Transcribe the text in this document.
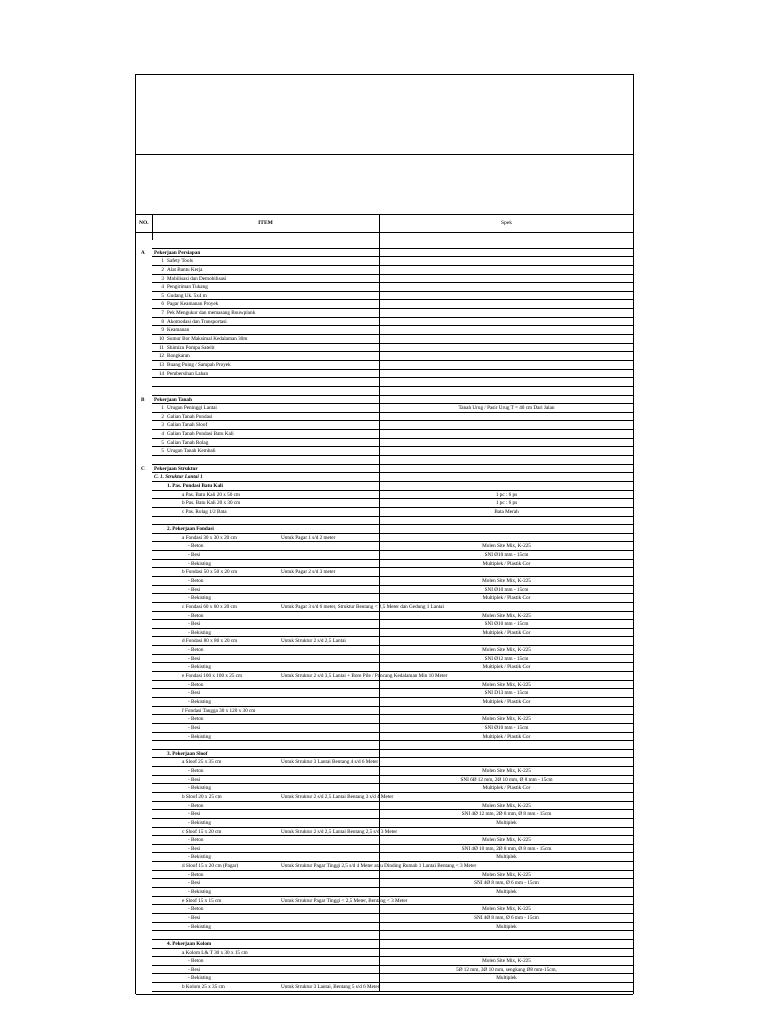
NO.	ITEM	Spek
A Pekerjaan Persiapan
1 Safety Tools
2 Alat Bantu Kerja
3 Mobilisasi dan Demobilisasi
4 Pengiriman Tukang
5 Gudang Uk. 5x4 m
6 Pagar Keamanan Proyek
7 Pek Mengukur dan memasang Bouwplank
8 Akomodasi dan Transportasi
9 Keamanan
10 Sumur Bor Maksimal Kedalaman 30m
11 Shimizu Pompa Satelit
12 Bongkaran
13 Buang Puing / Sampah Proyek
14 Pembersihan Lahan
B Pekerjaan Tanah
1 Urugan Peninggi Lantai	Tanah Urug / Pasir Urug T = 40 cm Dari Jalan
2 Galian Tanah Pondasi
3 Galian Tanah Sloof
4 Galian Tanah Pondasi Batu Kali
5 Galian Tanah Rolag
5 Urugan Tanah Kembali
C Pekerjaan Struktur
C. 1. Struktur Lantai 1
1. Pas. Pondasi Batu Kali
a Pas. Batu Kali 20 x 50 cm	1 pc : 6 ps
b Pas. Batu Kali 20 x 30 cm	1 pc : 6 ps
c Pas. Rolag 1/2 Bata	Bata Merah
2. Pekerjaan Fondasi
a Fondasi 30 x 30 x 20 cm	Untuk Pagar 1 s/d 2 meter
- Beton	Molen Site Mix, K-225
- Besi	SNI Ø10 mm - 15cm
- Bekisting	Multiplek / Plastik Cor
b Fondasi 50 x 50 x 20 cm	Untuk Pagar 2 s/d 3 meter
- Beton	Molen Site Mix, K-225
- Besi	SNI Ø10 mm - 15cm
- Bekisting	Multiplek / Plastik Cor
c Fondasi 60 x 60 x 20 cm	Untuk Pagar 3 s/d 6 meter, Struktur Bentang < 2,5 Meter dan Gedung 1 Lantai
- Beton	Molen Site Mix, K-225
- Besi	SNI Ø10 mm - 15cm
- Bekisting	Multiplek / Plastik Cor
d Fondasi 80 x 80 x 20 cm	Untuk Struktur 2 s/d 2,5 Lantai
- Beton	Molen Site Mix, K-225
- Besi	SNI Ø12 mm - 15cm
- Bekisting	Multiplek / Plastik Cor
e Fondasi 100 x 100 x 25 cm	Untuk Struktur 2 s/d 3,5 Lantai + Bore Pile / Pancang Kedalaman Min 10 Meter
- Beton	Molen Site Mix, K-225
- Besi	SNI D13 mm - 15cm
- Bekisting	Multiplek / Plastik Cor
f Fondasi Tangga 30 x 120 x 30 cm
- Beton	Molen Site Mix, K-225
- Besi	SNI Ø10 mm - 15cm
- Bekisting	Multiplek / Plastik Cor
3. Pekerjaan Sloof
a Sloof 25 x 35 cm	Untuk Struktur 3 Lantai Bentang 4 s/d 6 Meter
- Beton	Molen Site Mix, K-225
- Besi	SNI 6Ø 12 mm, 2Ø 10 mm, Ø 8 mm - 15cm
- Bekisting	Multiplek / Plastik Cor
b Sloof 20 x 25 cm	Untuk Struktur 2 s/d 2,5 Lantai Bentang 3 s/d 4 Meter
- Beton	Molen Site Mix, K-225
- Besi	SNI 4Ø 12 mm, 2Ø 8 mm, Ø 8 mm - 15cm
- Bekisting	Multiplek
c Sloof 15 x 20 cm	Untuk Struktur 2 s/d 2,5 Lantai Bentang 2,5 s/d 3 Meter
- Beton	Molen Site Mix, K-225
- Besi	SNI 4Ø 10 mm, 2Ø 8 mm, Ø 8 mm - 15cm
- Bekisting	Multiplek
d Sloof 15 x 20 cm (Pagar)	Untuk Struktur Pagar Tinggi 2,5 s/d 4 Meter atau Dinding Rumah 1 Lantai Bentang < 3 Meter
- Beton	Molen Site Mix, K-225
- Besi	SNI 4Ø 8 mm, Ø 6 mm - 15cm
- Bekisting	Multiplek
e Sloof 15 x 15 cm	Untuk Struktur Pagar Tinggi < 2,5 Meter, Bentang < 3 Meter
- Beton	Molen Site Mix, K-225
- Besi	SNI 4Ø 8 mm, Ø 6 mm - 15cm
- Bekisting	Multiplek
4. Pekerjaan Kolom
a Kolom L& T 30 x 30 x 15 cm
- Beton	Molen Site Mix, K-225
- Besi	5Ø 12 mm, 3Ø 10 mm, sengkang Ø8 mm-15cm,
- Bekisting	Multiplek
b Kolom 25 x 35 cm	Untuk Struktur 3 Lantai, Bentang 5 s/d 6 Meter
